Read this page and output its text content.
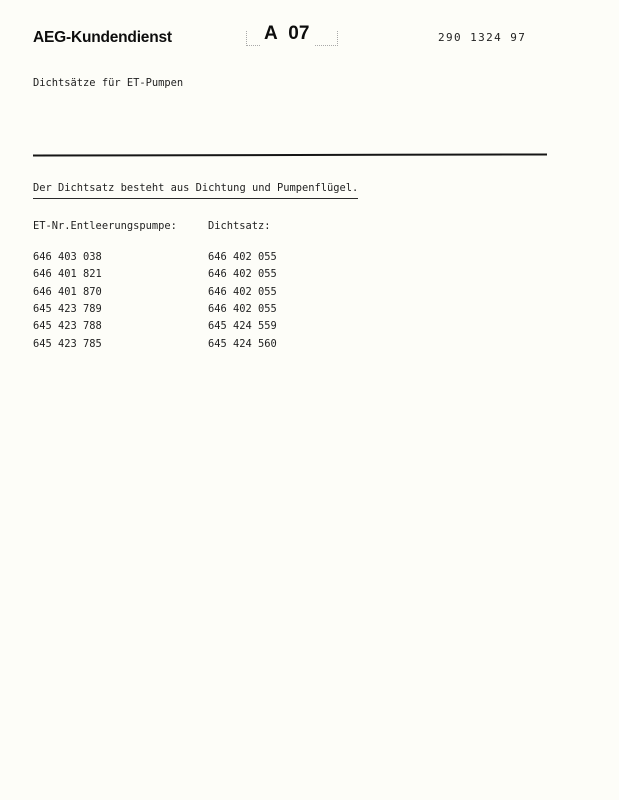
AEG-Kundendienst	A 07	290 1324 97
Dichtsätze für ET-Pumpen
Der Dichtsatz besteht aus Dichtung und Pumpenflügel.
ET-Nr.Entleerungspumpe:	Dichtsatz:
646 403 038	646 402 055
646 401 821	646 402 055
646 401 870	646 402 055
645 423 789	646 402 055
645 423 788	645 424 559
645 423 785	645 424 560
